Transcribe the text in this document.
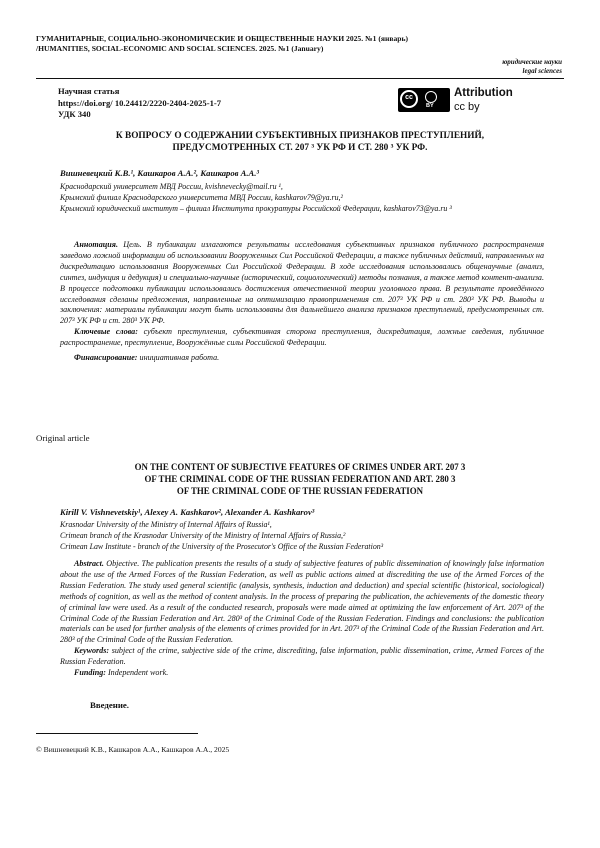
ГУМАНИТАРНЫЕ, СОЦИАЛЬНО-ЭКОНОМИЧЕСКИЕ И ОБЩЕСТВЕННЫЕ НАУКИ 2025. №1 (январь)
/HUMANITIES, SOCIAL-ECONOMIC AND SOCIAL SCIENCES. 2025. №1 (January)
юридические науки
legal sciences
Научная статья
https://doi.org/ 10.24412/2220-2404-2025-1-7
УДК 340
cc
BY
Attribution
cc by
К ВОПРОСУ О СОДЕРЖАНИИ СУБЪЕКТИВНЫХ ПРИЗНАКОВ ПРЕСТУПЛЕНИЙ,
ПРЕДУСМОТРЕННЫХ СТ. 207 ³ УК РФ И СТ. 280 ³ УК РФ.
Вишневецкий К.В.¹, Кашкаров А.А.², Кашкаров А.А.³
Краснодарский университет МВД России, kvishnevecky@mail.ru ¹,
Крымский филиал Краснодарского университета МВД России, kashkarov79@ya.ru,²
Крымский юридический институт – филиал Института прокуратуры Российской Федерации, kashkarov73@ya.ru ³

Аннотация. Цель. В публикации излагаются результаты исследования субъективных признаков публичного распространения заведомо ложной информации об использовании Вооруженных Сил Российской Федерации, а также публичных действий, направленных на дискредитацию использования Вооруженных Сил Российской Федерации. В ходе исследования использовались общенаучные (анализ, синтез, индукция и дедукция) и специально-научные (исторический, социологический) методы познания, а также метод контент-анализа. В процессе подготовки публикации использовались достижения отечественной теории уголовного права. В результате проведённого исследования сделаны предложения, направленные на оптимизацию правоприменения ст. 207³ УК РФ и ст. 280³ УК РФ. Выводы и заключения: материалы публикации могут быть использованы для дальнейшего анализа признаков преступлений, предусмотренных ст. 207³ УК РФ и ст. 280³ УК РФ.

Ключевые слова: субъект преступления, субъективная сторона преступления, дискредитация, ложные сведения, публичное распространение, преступление, Вооружённые силы Российской Федерации.

Финансирование: инициативная работа.

Original article
ON THE CONTENT OF SUBJECTIVE FEATURES OF CRIMES UNDER ART. 207 3
OF THE CRIMINAL CODE OF THE RUSSIAN FEDERATION AND ART. 280 3
OF THE CRIMINAL CODE OF THE RUSSIAN FEDERATION
Kirill V. Vishnevetskiy¹, Alexey A. Kashkarov², Alexander A. Kashkarov³
Krasnodar University of the Ministry of Internal Affairs of Russia¹,
Crimean branch of the Krasnodar University of the Ministry of Internal Affairs of Russia,²
Crimean Law Institute - branch of the University of the Prosecutor's Office of the Russian Federation³

Abstract. Objective. The publication presents the results of a study of subjective features of public dissemination of knowingly false information about the use of the Armed Forces of the Russian Federation, as well as public actions aimed at discrediting the use of the Armed Forces of the Russian Federation. The study used general scientific (analysis, synthesis, induction and deduction) and special scientific (historical, sociological) methods of cognition, as well as the method of content analysis. In the process of preparing the publication, the achievements of the domestic theory of criminal law were used. As a result of the conducted research, proposals were made aimed at optimizing the law enforcement of Art. 207³ of the Criminal Code of the Russian Federation and Art. 280³ of the Criminal Code of the Russian Federation. Findings and conclusions: the publication materials can be used for further analysis of the elements of crimes provided for in Art. 207³ of the Criminal Code of the Russian Federation and Art. 280³ of the Criminal Code of the Russian Federation.

Keywords: subject of the crime, subjective side of the crime, discrediting, false information, public dissemination, crime, Armed Forces of the Russian Federation.

Funding: Independent work.

Введение.
© Вишневецкий К.В., Кашкаров А.А., Кашкаров А.А., 2025
